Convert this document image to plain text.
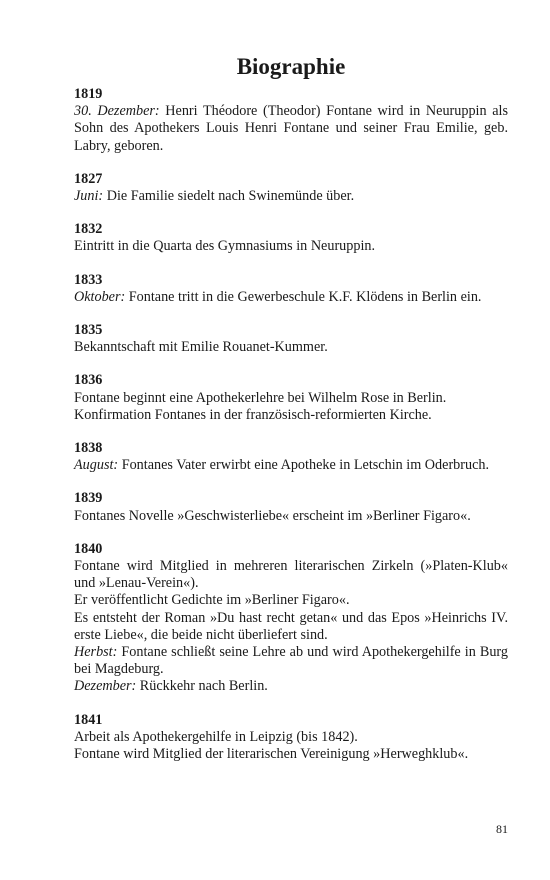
Biographie
1819
30. Dezember: Henri Théodore (Theodor) Fontane wird in Neuruppin als Sohn des Apothekers Louis Henri Fontane und seiner Frau Emilie, geb. Labry, geboren.
1827
Juni: Die Familie siedelt nach Swinemünde über.
1832
Eintritt in die Quarta des Gymnasiums in Neuruppin.
1833
Oktober: Fontane tritt in die Gewerbeschule K.F. Klödens in Berlin ein.
1835
Bekanntschaft mit Emilie Rouanet-Kummer.
1836
Fontane beginnt eine Apothekerlehre bei Wilhelm Rose in Berlin.
Konfirmation Fontanes in der französisch-reformierten Kirche.
1838
August: Fontanes Vater erwirbt eine Apotheke in Letschin im Oderbruch.
1839
Fontanes Novelle »Geschwisterliebe« erscheint im »Berliner Figaro«.
1840
Fontane wird Mitglied in mehreren literarischen Zirkeln (»Platen-Klub« und »Lenau-Verein«).
Er veröffentlicht Gedichte im »Berliner Figaro«.
Es entsteht der Roman »Du hast recht getan« und das Epos »Heinrichs IV. erste Liebe«, die beide nicht überliefert sind.
Herbst: Fontane schließt seine Lehre ab und wird Apothekergehilfe in Burg bei Magdeburg.
Dezember: Rückkehr nach Berlin.
1841
Arbeit als Apothekergehilfe in Leipzig (bis 1842).
Fontane wird Mitglied der literarischen Vereinigung »Herweghklub«.
81
